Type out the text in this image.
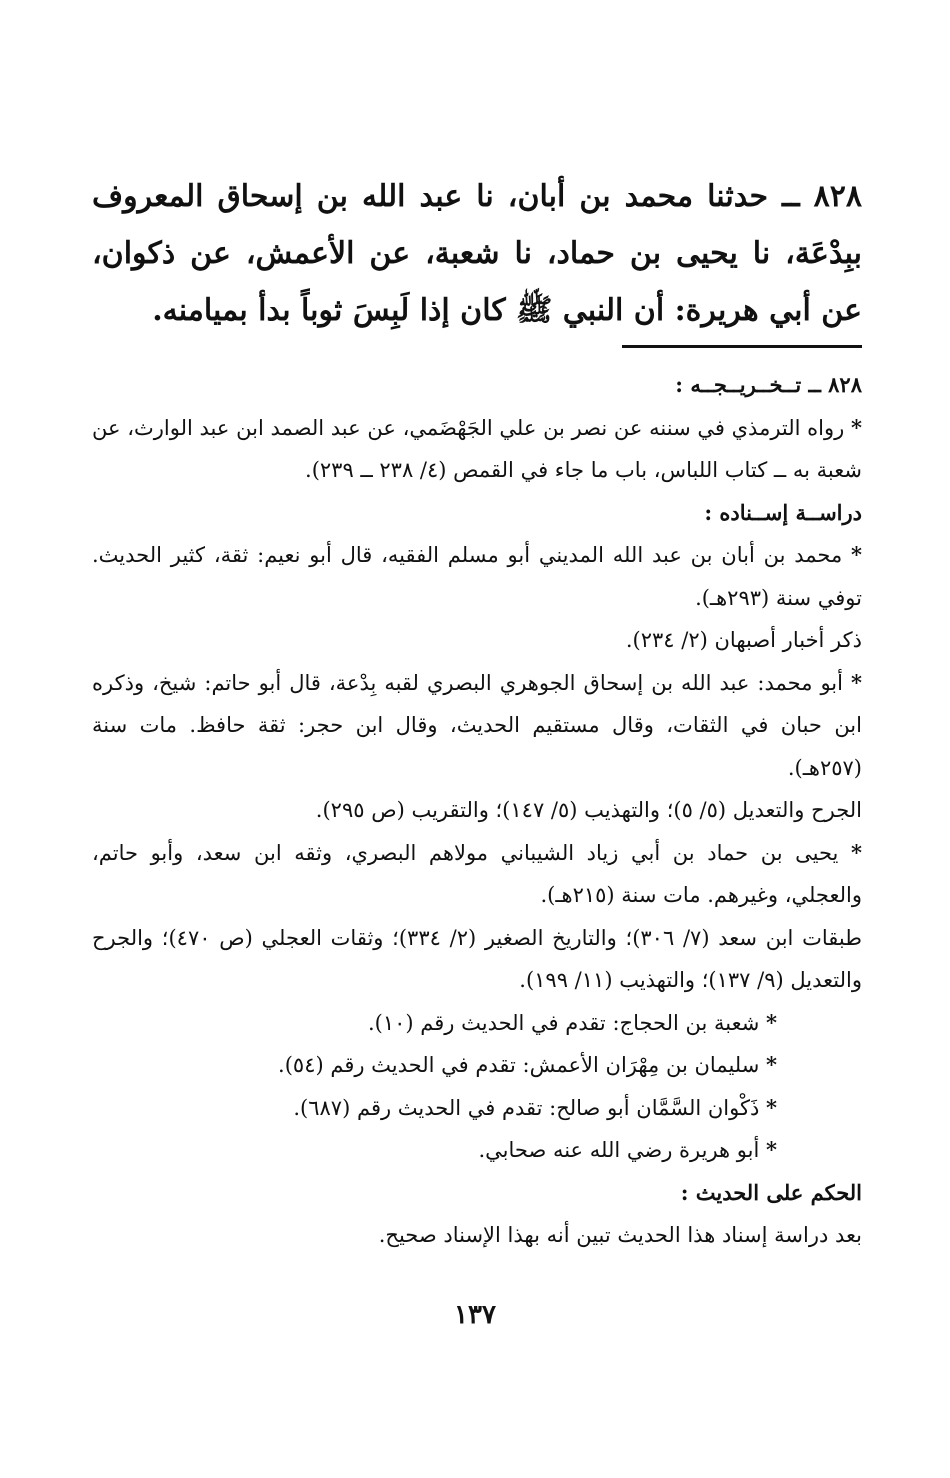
٨٢٨ ــ حدثنا محمد بن أبان، نا عبد الله بن إسحاق المعروف ببِدْعَة، نا يحيى بن حماد، نا شعبة، عن الأعمش، عن ذكوان، عن أبي هريرة: أن النبي ﷺ كان إذا لَبِسَ ثوباً بدأ بميامنه.

٨٢٨ ــ تــخــريــجــه :

* رواه الترمذي في سننه عن نصر بن علي الجَهْضَمي، عن عبد الصمد ابن عبد الوارث، عن شعبة به ــ كتاب اللباس، باب ما جاء في القمص (٤/ ٢٣٨ ــ ٢٣٩).

دراســة إســناده :

* محمد بن أبان بن عبد الله المديني أبو مسلم الفقيه، قال أبو نعيم: ثقة، كثير الحديث. توفي سنة (٢٩٣هـ).

ذكر أخبار أصبهان (٢/ ٢٣٤).

* أبو محمد: عبد الله بن إسحاق الجوهري البصري لقبه بِدْعة، قال أبو حاتم: شيخ، وذكره ابن حبان في الثقات، وقال مستقيم الحديث، وقال ابن حجر: ثقة حافظ. مات سنة (٢٥٧هـ).

الجرح والتعديل (٥/ ٥)؛ والتهذيب (٥/ ١٤٧)؛ والتقريب (ص ٢٩٥).

* يحيى بن حماد بن أبي زياد الشيباني مولاهم البصري، وثقه ابن سعد، وأبو حاتم، والعجلي، وغيرهم. مات سنة (٢١٥هـ).

طبقات ابن سعد (٧/ ٣٠٦)؛ والتاريخ الصغير (٢/ ٣٣٤)؛ وثقات العجلي (ص ٤٧٠)؛ والجرح والتعديل (٩/ ١٣٧)؛ والتهذيب (١١/ ١٩٩).

* شعبة بن الحجاج: تقدم في الحديث رقم (١٠).

* سليمان بن مِهْرَان الأعمش: تقدم في الحديث رقم (٥٤).

* ذَكْوان السَّمَّان أبو صالح: تقدم في الحديث رقم (٦٨٧).

* أبو هريرة رضي الله عنه صحابي.

الحكم على الحديث :

بعد دراسة إسناد هذا الحديث تبين أنه بهذا الإسناد صحيح.

١٣٧
